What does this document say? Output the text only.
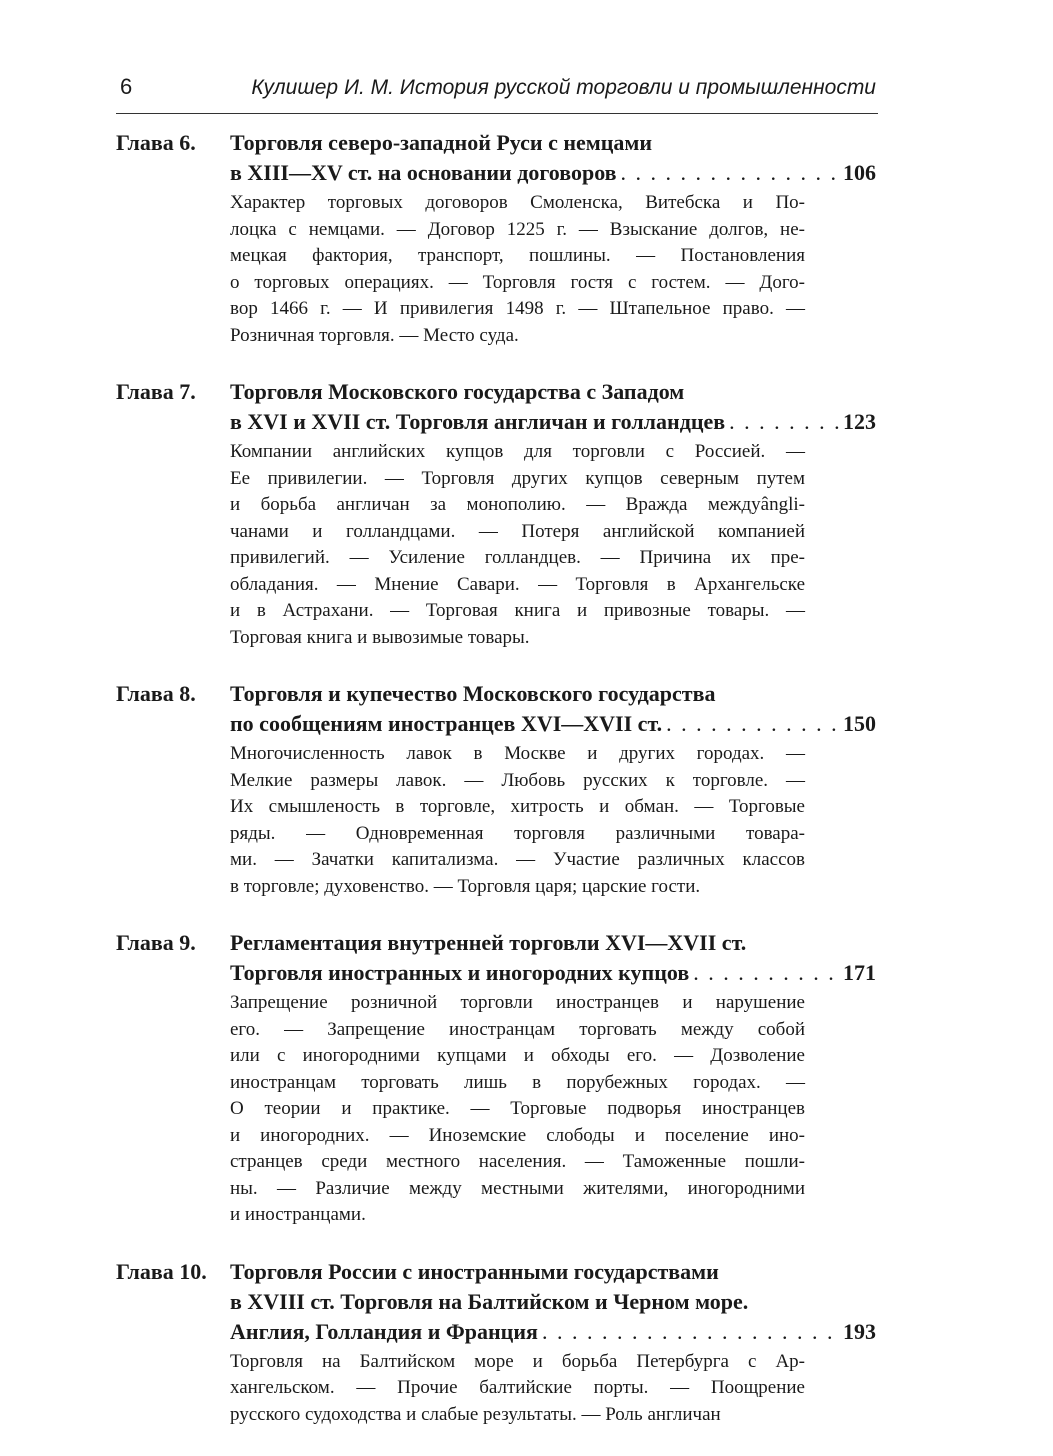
6	Кулишер И. М. История русской торговли и промышленности
Глава 6. Торговля северо-западной Руси с немцами
в XIII—XV ст. на основании договоров . . .	106
Характер торговых договоров Смоленска, Витебска и По-
лоцка с немцами. — Договор 1225 г. — Взыскание долгов, не-
мецкая фактория, транспорт, пошлины. — Постановления
о торговых операциях. — Торговля гостя с гостем. — Дого-
вор 1466 г. — И привилегия 1498 г. — Штапельное право. —
Розничная торговля. — Место суда.
Глава 7. Торговля Московского государства с Западом
в XVI и XVII ст. Торговля англичан и голландцев . . .	123
Компании английских купцов для торговли с Россией. —
Ее привилегии. — Торговля других купцов северным путем
и борьба англичан за монополию. — Вражда междуângli-
чанами и голландцами. — Потеря английской компанией
привилегий. — Усиление голландцев. — Причина их пре-
обладания. — Мнение Савари. — Торговля в Архангельске
и в Астрахани. — Торговая книга и привозные товары. —
Торговая книга и вывозимые товары.
Глава 8. Торговля и купечество Московского государства
по сообщениям иностранцев XVI—XVII ст. . . .	150
Многочисленность лавок в Москве и других городах. —
Мелкие размеры лавок. — Любовь русских к торговле. —
Их смышленость в торговле, хитрость и обман. — Торговые
ряды. — Одновременная торговля различными товара-
ми. — Зачатки капитализма. — Участие различных классов
в торговле; духовенство. — Торговля царя; царские гости.
Глава 9. Регламентация внутренней торговли XVI—XVII ст.
Торговля иностранных и иногородних купцов . . .	171
Запрещение розничной торговли иностранцев и нарушение
его. — Запрещение иностранцам торговать между собой
или с иногородними купцами и обходы его. — Дозволение
иностранцам торговать лишь в порубежных городах. —
О теории и практике. — Торговые подворья иностранцев
и иногородних. — Иноземские слободы и поселение ино-
странцев среди местного населения. — Таможенные пошли-
ны. — Различие между местными жителями, иногородними
и иностранцами.
Глава 10. Торговля России с иностранными государствами
в XVIII ст. Торговля на Балтийском и Черном море.
Англия, Голландия и Франция . . .	193
Торговля на Балтийском море и борьба Петербурга с Ар-
хангельском. — Прочие балтийские порты. — Поощрение
русского судоходства и слабые результаты. — Роль англичан
